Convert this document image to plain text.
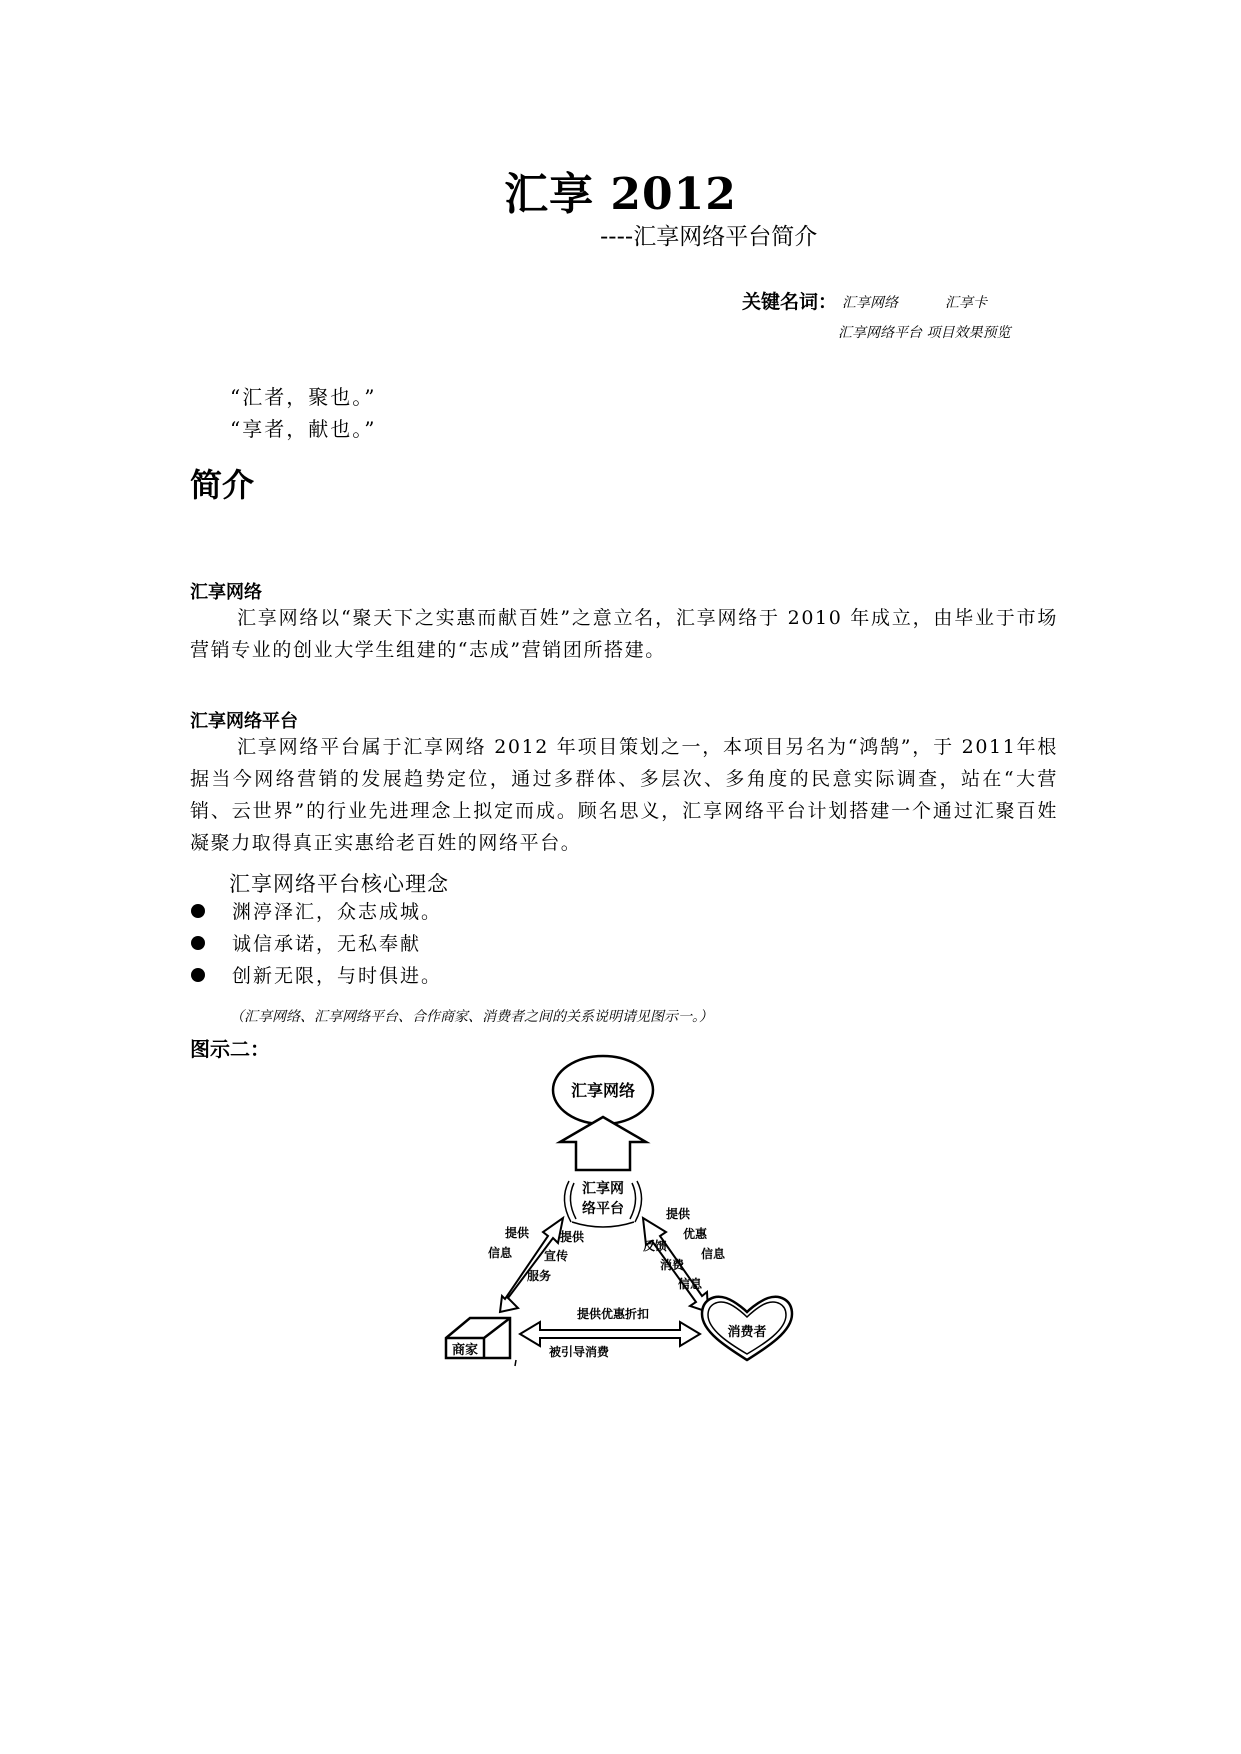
汇享 2012
----汇享网络平台简介
关键名词： 汇享网络	汇享卡
汇享网络平台 项目效果预览
“汇者，聚也。”
“享者，献也。”
简介
汇享网络

汇享网络以“聚天下之实惠而献百姓”之意立名，汇享网络于 2010 年成立，由毕业于市场营销专业的创业大学生组建的“志成”营销团所搭建。

汇享网络平台

汇享网络平台属于汇享网络 2012 年项目策划之一，本项目另名为“鸿鹄”，于 2011年根据当今网络营销的发展趋势定位，通过多群体、多层次、多角度的民意实际调查，站在“大营销、云世界”的行业先进理念上拟定而成。顾名思义，汇享网络平台计划搭建一个通过汇聚百姓凝聚力取得真正实惠给老百姓的网络平台。

汇享网络平台核心理念
渊渟泽汇，众志成城。
诚信承诺，无私奉献
创新无限，与时俱进。
（汇享网络、汇享网络平台、合作商家、消费者之间的关系说明请见图示一。）
图示二：
汇享网络
汇享网
络平台
商家
消费者
提供
信息
提供
宣传
服务
提供
优惠
信息
反馈
消费
信息
提供优惠折扣
被引导消费
